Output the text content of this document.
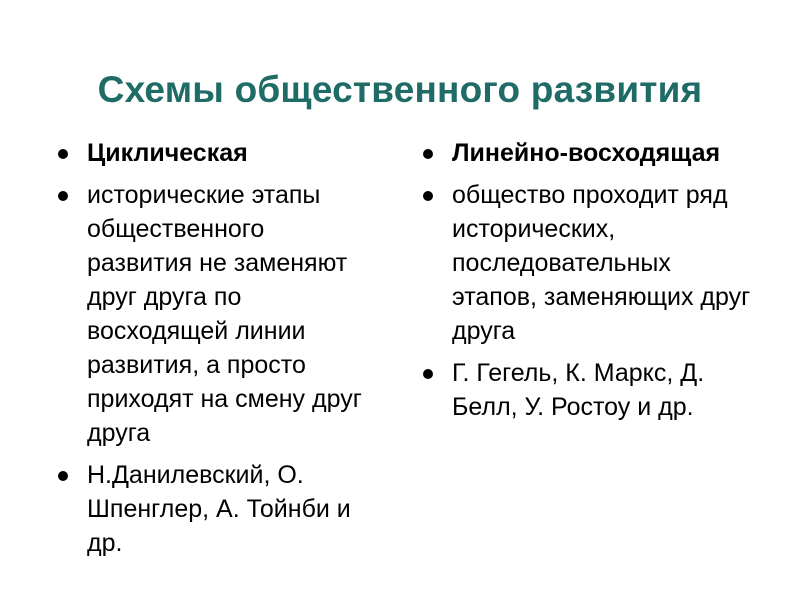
Схемы общественного развития
Циклическая
исторические этапы общественного развития не заменяют друг друга по восходящей линии развития, а просто приходят на смену друг друга
Н.Данилевский, О. Шпенглер, А. Тойнби и др.
Линейно-восходящая
общество проходит ряд исторических, последовательных этапов, заменяющих друг друга
Г. Гегель, К. Маркс, Д. Белл, У. Ростоу и др.
